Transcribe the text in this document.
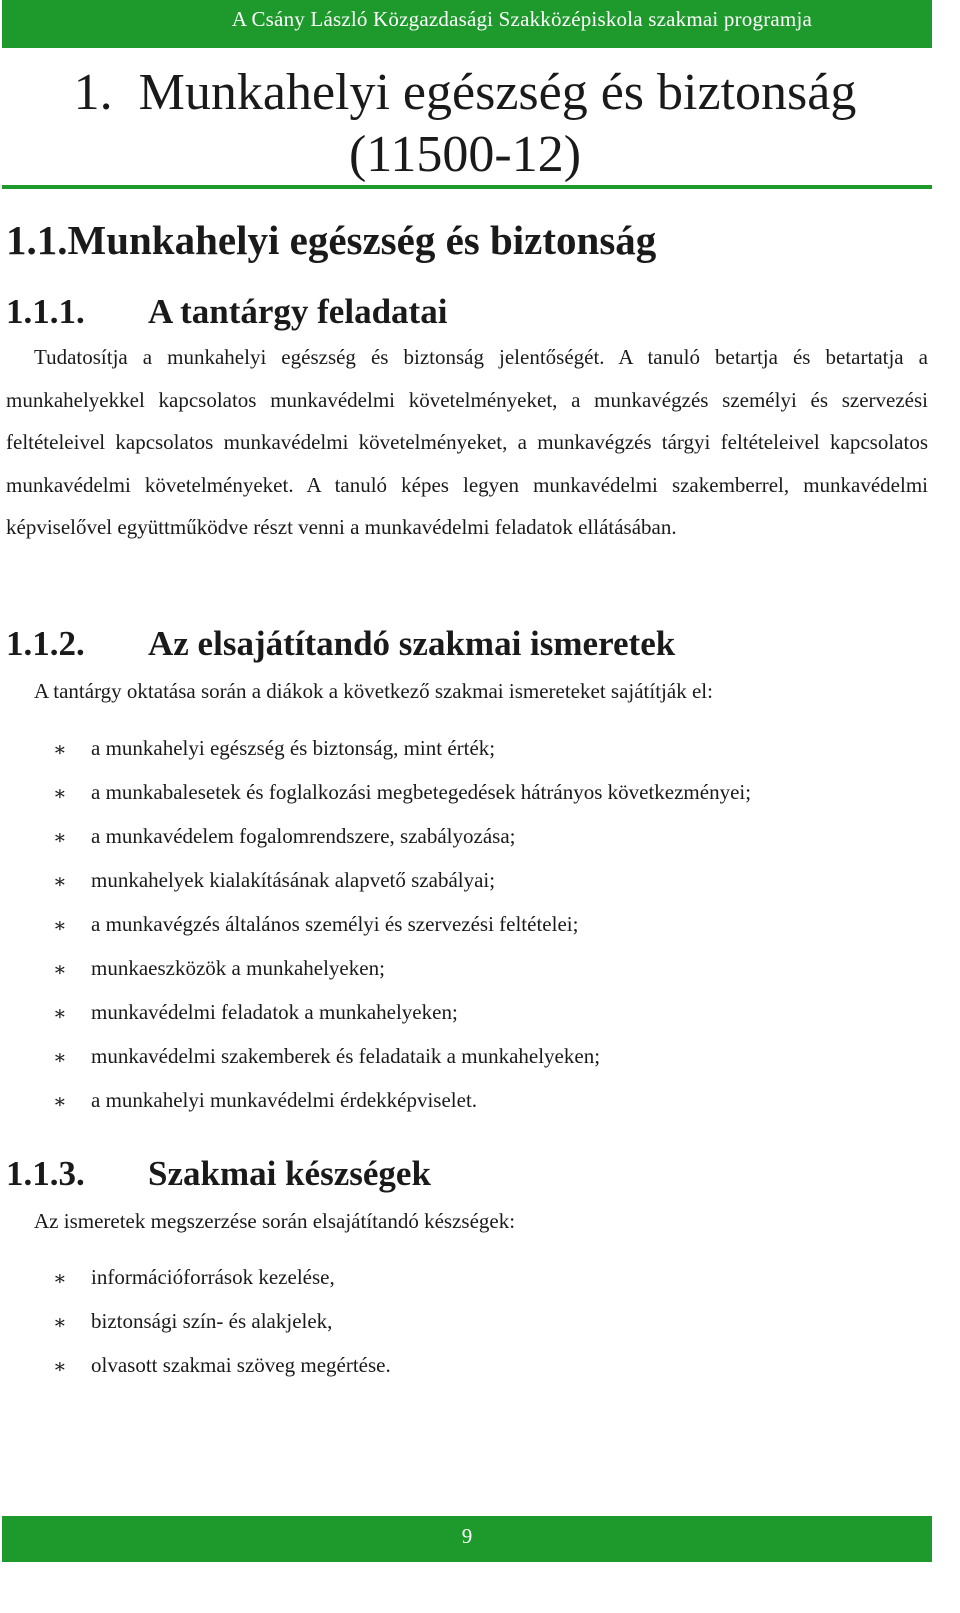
A Csány László Közgazdasági Szakközépiskola szakmai programja
1. Munkahelyi egészség és biztonság
(11500-12)
1.1.Munkahelyi egészség és biztonság
1.1.1. A tantárgy feladatai
Tudatosítja a munkahelyi egészség és biztonság jelentőségét. A tanuló betartja és betartatja a munkahelyekkel kapcsolatos munkavédelmi követelményeket, a munkavégzés személyi és szervezési feltételeivel kapcsolatos munkavédelmi követelményeket, a munkavégzés tárgyi feltételeivel kapcsolatos munkavédelmi követelményeket. A tanuló képes legyen munkavédelmi szakemberrel, munkavédelmi képviselővel együttműködve részt venni a munkavédelmi feladatok ellátásában.
1.1.2. Az elsajátítandó szakmai ismeretek
A tantárgy oktatása során a diákok a következő szakmai ismereteket sajátítják el:
∗ a munkahelyi egészség és biztonság, mint érték;
∗ a munkabalesetek és foglalkozási megbetegedések hátrányos következményei;
∗ a munkavédelem fogalomrendszere, szabályozása;
∗ munkahelyek kialakításának alapvető szabályai;
∗ a munkavégzés általános személyi és szervezési feltételei;
∗ munkaeszközök a munkahelyeken;
∗ munkavédelmi feladatok a munkahelyeken;
∗ munkavédelmi szakemberek és feladataik a munkahelyeken;
∗ a munkahelyi munkavédelmi érdekképviselet.
1.1.3. Szakmai készségek
Az ismeretek megszerzése során elsajátítandó készségek:
∗ információforrások kezelése,
∗ biztonsági szín- és alakjelek,
∗ olvasott szakmai szöveg megértése.
9
